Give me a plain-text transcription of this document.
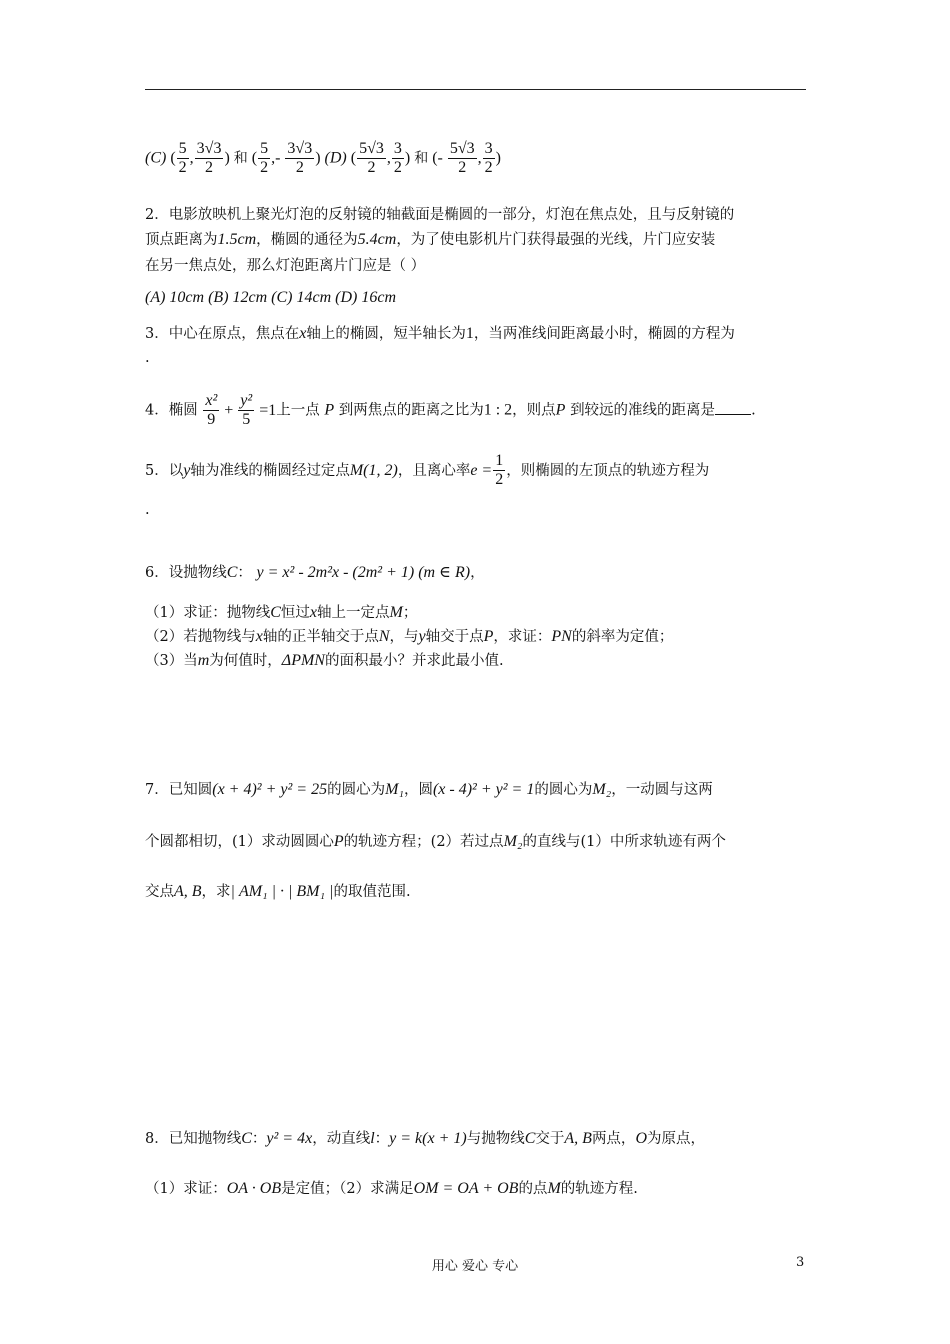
(C) ( $\frac{5}{2}$ , $\frac{3√3}{2}$ ) 和 ( $\frac{5}{2}$ ,- $\frac{3√3}{2}$ ) (D) ( $\frac{5√3}{2}$ , $\frac{3}{2}$ ) 和 (- $\frac{5√3}{2}$ , $\frac{3}{2}$ )
2．电影放映机上聚光灯泡的反射镜的轴截面是椭圆的一部分，灯泡在焦点处，且与反射镜的
顶点距离为1.5cm，椭圆的通径为5.4cm，为了使电影机片门获得最强的光线，片门应安装
在另一焦点处，那么灯泡距离片门应是（ ）
(A) 10cm (B) 12cm (C) 14cm (D) 16cm
3．中心在原点，焦点在x轴上的椭圆，短半轴长为1，当两准线间距离最小时，椭圆的方程为
.
4．椭圆 $\frac{\text{x²}}{9} + \frac{\text{y²}}{5} =1$上一点 P 到两焦点的距离之比为1 : 2，则点P 到较远的准线的距离是 .
5．以y轴为准线的椭圆经过定点M(1, 2)，且离心率$e = \frac{1}{2}$ ，则椭圆的左顶点的轨迹方程为
.
6．设抛物线C： y = x² - 2m²x - (2m² + 1) (m ∈ R)，
（1）求证：抛物线C恒过x轴上一定点M；
（2）若抛物线与x轴的正半轴交于点N，与y轴交于点P，求证：PN的斜率为定值；
（3）当m为何值时，ΔPMN的面积最小？并求此最小值.
7．已知圆(x + 4)² + y² = 25的圆心为M₁，圆(x - 4)² + y² = 1的圆心为M₂，一动圆与这两
个圆都相切，(1）求动圆圆心P的轨迹方程；(2）若过点M₂的直线与(1）中所求轨迹有两个
交点A, B，求| AM₁ | · | BM₁ |的取值范围.
8．已知抛物线C：y² = 4x，动直线l：y = k(x + 1)与抛物线C交于A, B两点，O为原点，
（1）求证：OA · OB是定值；（2）求满足OM = OA + OB的点M的轨迹方程.
用心 爱心 专心	3
